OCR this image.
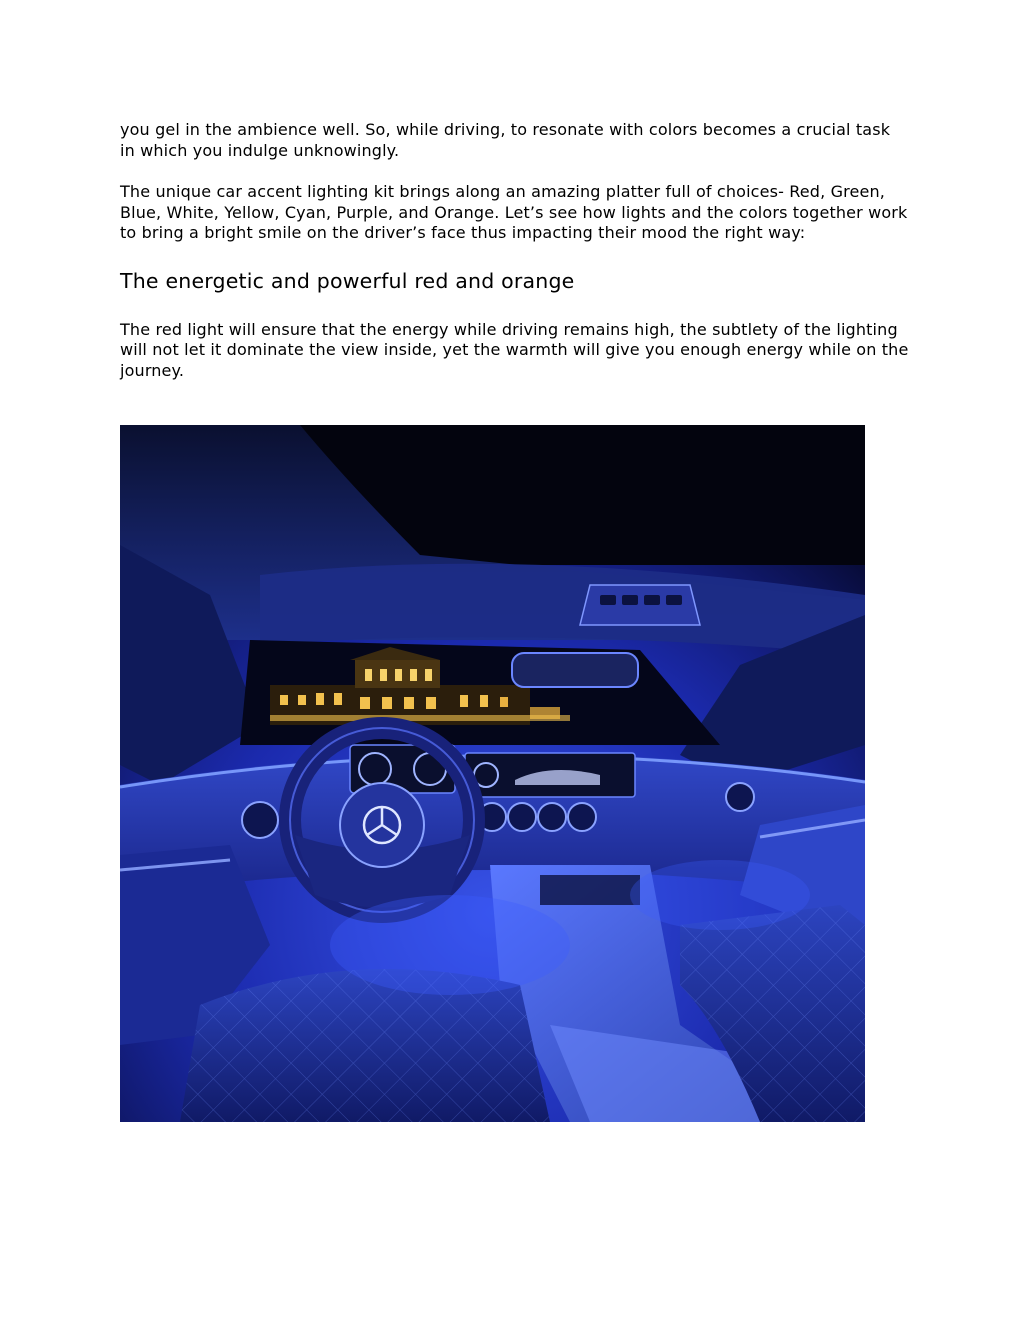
you gel in the ambience well. So, while driving, to resonate with colors becomes a crucial task in which you indulge unknowingly.

The unique car accent lighting kit brings along an amazing platter full of choices- Red, Green, Blue, White, Yellow, Cyan, Purple, and Orange. Let’s see how lights and the colors together work to bring a bright smile on the driver’s face thus impacting their mood the right way:

The energetic and powerful red and orange

The red light will ensure that the energy while driving remains high, the subtlety of the lighting will not let it dominate the view inside, yet the warmth will give you enough energy while on the journey.
